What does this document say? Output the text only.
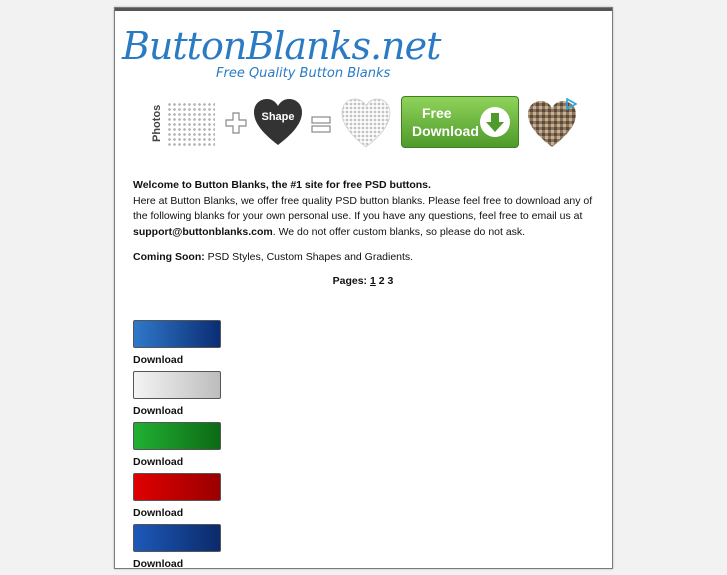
ButtonBlanks.net
Free Quality Button Blanks
Photos	Shape	Free
Download

Welcome to Button Blanks, the #1 site for free PSD buttons.
Here at Button Blanks, we offer free quality PSD button blanks. Please feel free to download any of the following blanks for your own personal use. If you have any questions, feel free to email us at support@buttonblanks.com. We do not offer custom blanks, so please do not ask.

Coming Soon: PSD Styles, Custom Shapes and Gradients.

Pages: 1 2 3
Download
Download
Download
Download
Download
